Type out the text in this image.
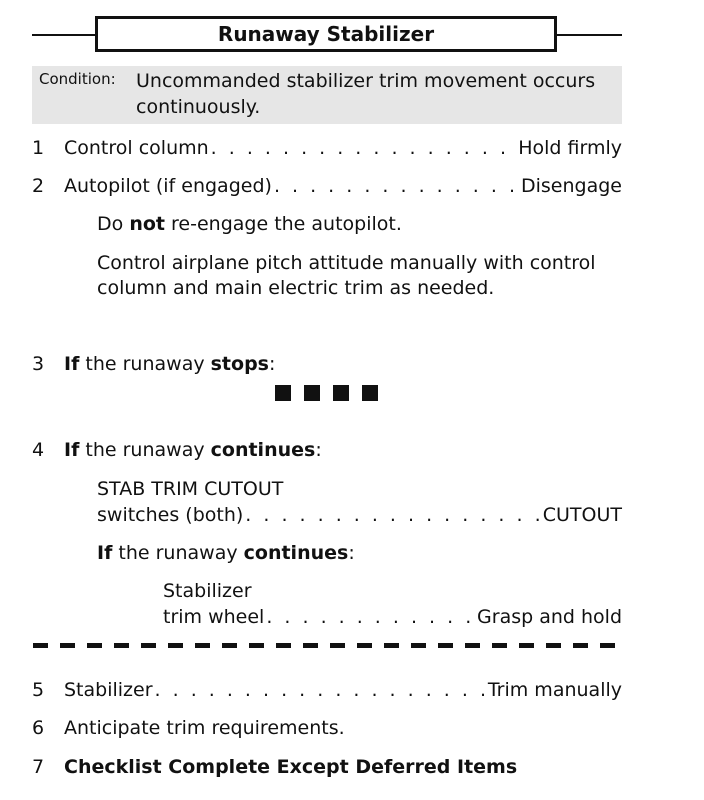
Runaway Stabilizer
Condition: Uncommanded stabilizer trim movement occurs continuously.
1	Control column . . .	Hold firmly
2	Autopilot (if engaged) . . .	Disengage
Do not re-engage the autopilot.
Control airplane pitch attitude manually with control column and main electric trim as needed.
3	If the runaway stops:
4	If the runaway continues:
STAB TRIM CUTOUT
switches (both) . . .	CUTOUT
If the runaway continues:
Stabilizer
trim wheel . . .	Grasp and hold
5	Stabilizer . . .	Trim manually
6	Anticipate trim requirements.
7	Checklist Complete Except Deferred Items
